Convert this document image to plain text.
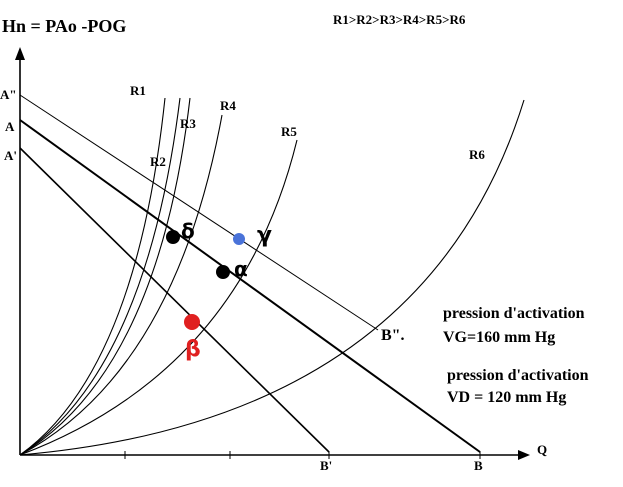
Hn = PAo -POG	R1>R2>R3>R4>R5>R6
Q
A"
A
A'
B'	B
B".
R1
R2
R3
R4
R5
R6
δ
α
γ
β
pression d'activation
VG=160 mm Hg
pression d'activation
VD = 120 mm Hg
